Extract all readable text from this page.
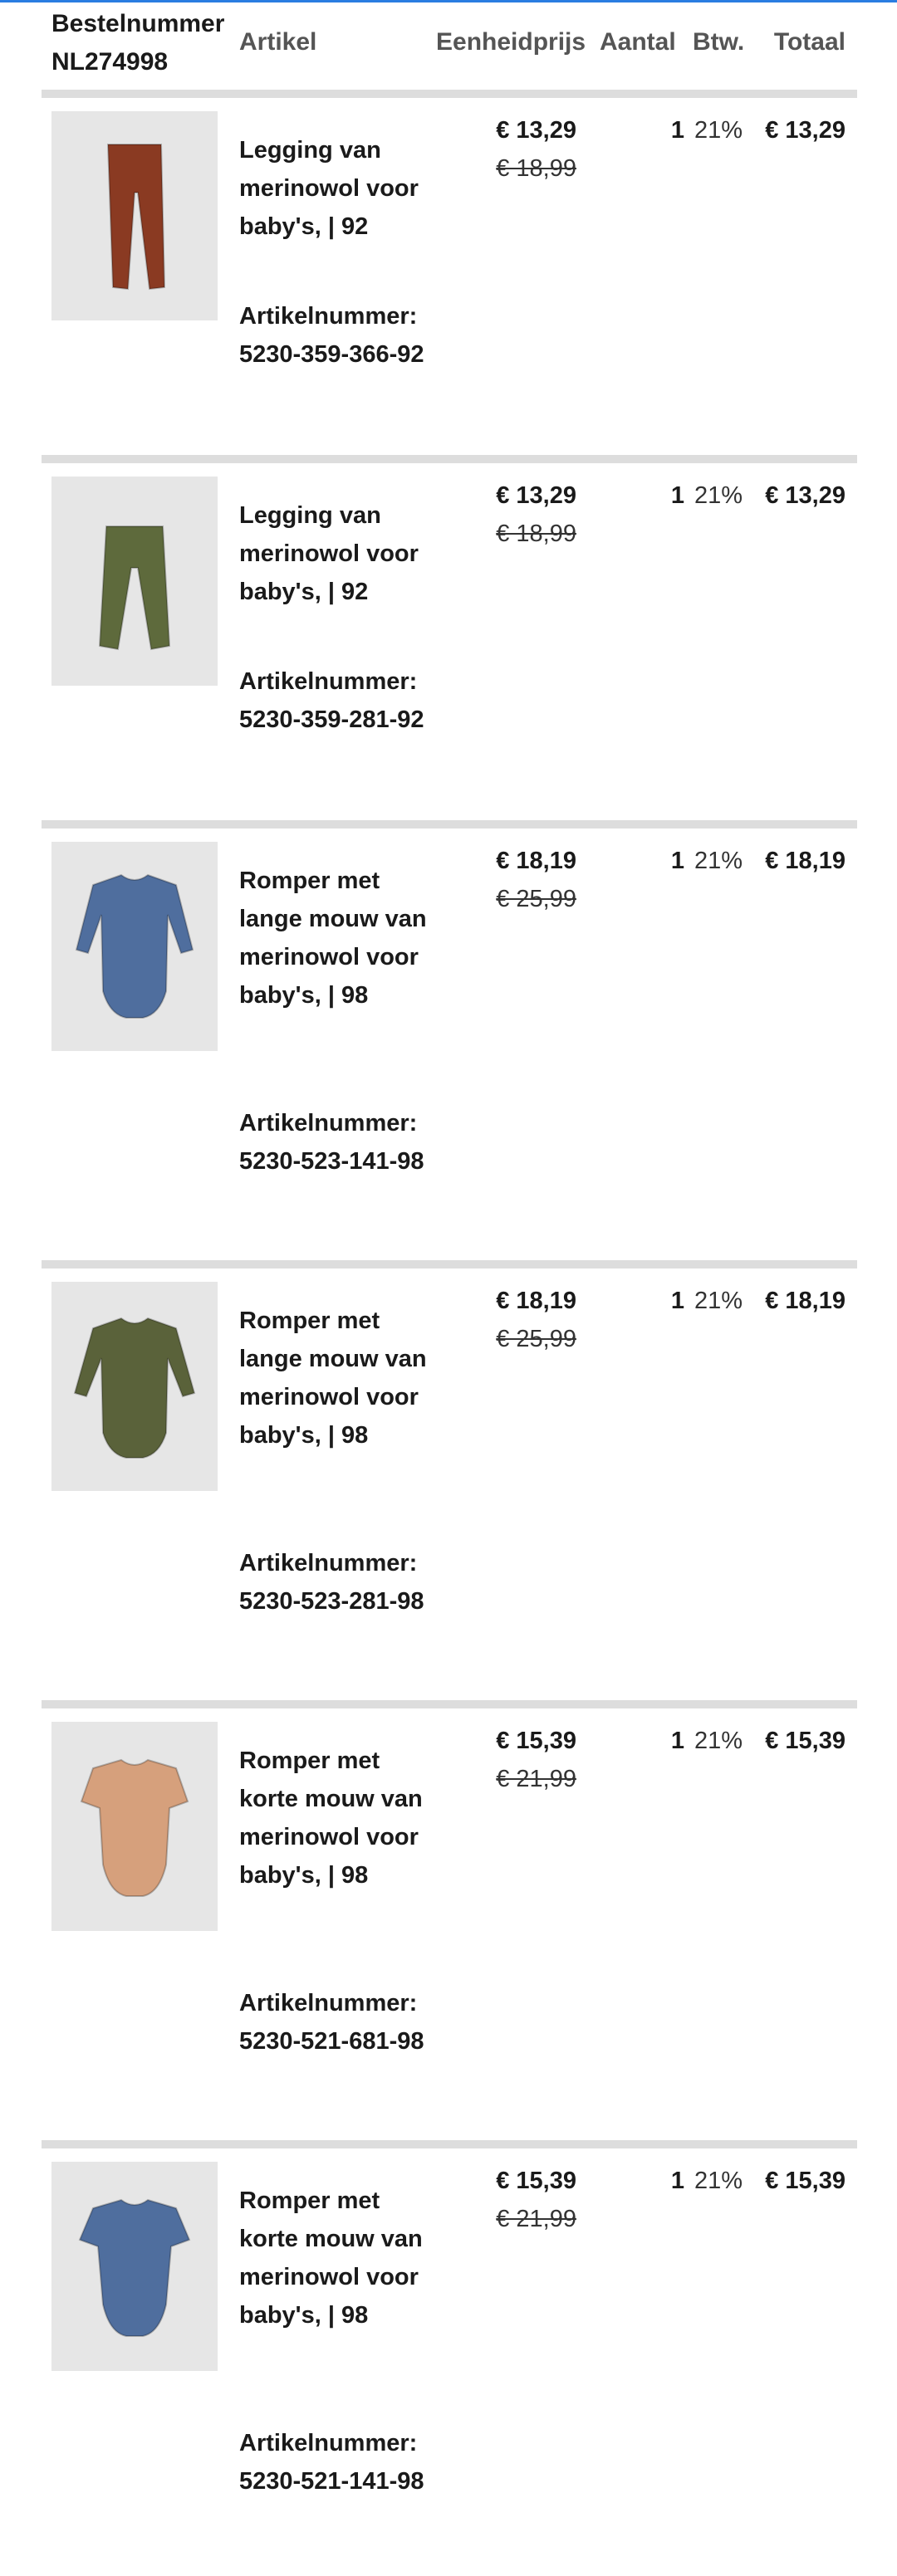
Bestelnummer
NL274998
Artikel	Eenheidprijs Aantal Btw. Totaal
Legging van merinowol voor baby's, | 92
Artikelnummer:
5230-359-366-92
€ 13,29
€ 18,99
1 21% € 13,29
Legging van merinowol voor baby's, | 92
Artikelnummer:
5230-359-281-92
€ 13,29
€ 18,99
1 21% € 13,29
Romper met lange mouw van merinowol voor baby's, | 98
Artikelnummer:
5230-523-141-98
€ 18,19
€ 25,99
1 21% € 18,19
Romper met lange mouw van merinowol voor baby's, | 98
Artikelnummer:
5230-523-281-98
€ 18,19
€ 25,99
1 21% € 18,19
Romper met korte mouw van merinowol voor baby's, | 98
Artikelnummer:
5230-521-681-98
€ 15,39
€ 21,99
1 21% € 15,39
Romper met korte mouw van merinowol voor baby's, | 98
Artikelnummer:
5230-521-141-98
€ 15,39
€ 21,99
1 21% € 15,39
